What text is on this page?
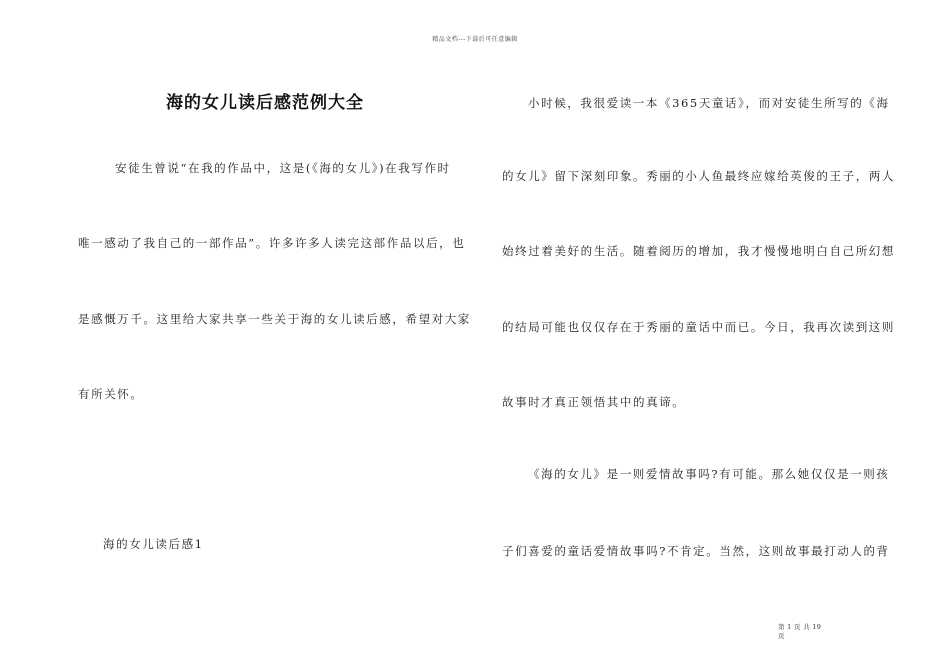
精品文档---下载后可任意编辑
海的女儿读后感范例大全
安徒生曾说“在我的作品中，这是(《海的女儿》)在我写作时
唯一感动了我自己的一部作品”。许多许多人读完这部作品以后，也
是感慨万千。这里给大家共享一些关于海的女儿读后感，希望对大家
有所关怀。
海的女儿读后感1
小时候，我很爱读一本《365天童话》，而对安徒生所写的《海
的女儿》留下深刻印象。秀丽的小人鱼最终应嫁给英俊的王子，两人
始终过着美好的生活。随着阅历的增加，我才慢慢地明白自己所幻想
的结局可能也仅仅存在于秀丽的童话中而已。今日，我再次读到这则
故事时才真正领悟其中的真谛。
《海的女儿》是一则爱情故事吗?有可能。那么她仅仅是一则孩
子们喜爱的童话爱情故事吗?不肯定。当然，这则故事最打动人的背
第 1 页 共 19
页
